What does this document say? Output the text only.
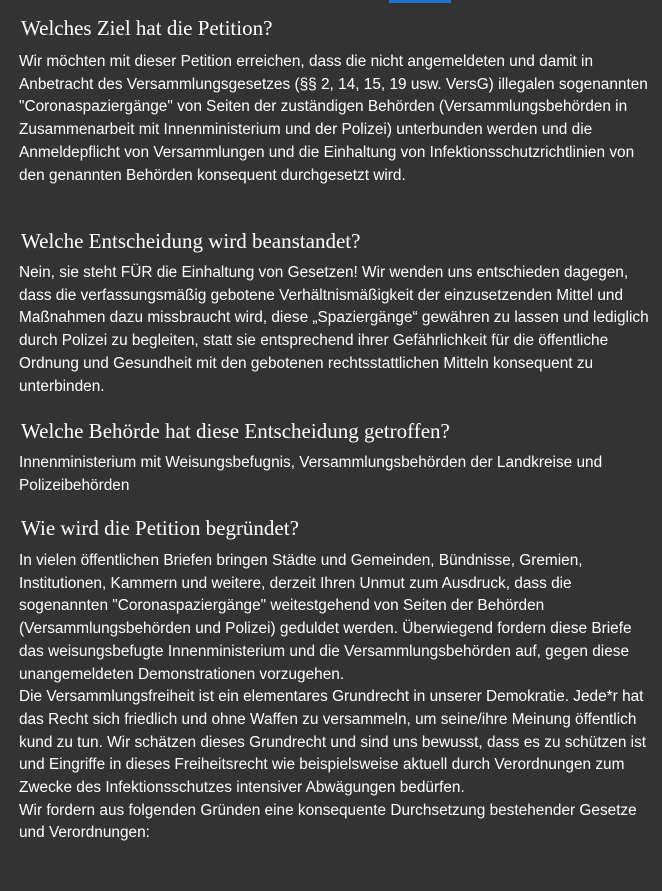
Welches Ziel hat die Petition?
Wir möchten mit dieser Petition erreichen, dass die nicht angemeldeten und damit in Anbetracht des Versammlungsgesetzes (§§ 2, 14, 15, 19 usw. VersG) illegalen sogenannten "Coronaspaziergänge" von Seiten der zuständigen Behörden (Versammlungsbehörden in Zusammenarbeit mit Innenministerium und der Polizei) unterbunden werden und die Anmeldepflicht von Versammlungen und die Einhaltung von Infektionsschutzrichtlinien von den genannten Behörden konsequent durchgesetzt wird.
Welche Entscheidung wird beanstandet?
Nein, sie steht FÜR die Einhaltung von Gesetzen! Wir wenden uns entschieden dagegen, dass die verfassungsmäßig gebotene Verhältnismäßigkeit der einzusetzenden Mittel und Maßnahmen dazu missbraucht wird, diese „Spaziergänge“ gewähren zu lassen und lediglich durch Polizei zu begleiten, statt sie entsprechend ihrer Gefährlichkeit für die öffentliche Ordnung und Gesundheit mit den gebotenen rechtsstattlichen Mitteln konsequent zu unterbinden.
Welche Behörde hat diese Entscheidung getroffen?
Innenministerium mit Weisungsbefugnis, Versammlungsbehörden der Landkreise und Polizeibehörden
Wie wird die Petition begründet?
In vielen öffentlichen Briefen bringen Städte und Gemeinden, Bündnisse, Gremien, Institutionen, Kammern und weitere, derzeit Ihren Unmut zum Ausdruck, dass die sogenannten "Coronaspaziergänge" weitestgehend von Seiten der Behörden (Versammlungsbehörden und Polizei) geduldet werden. Überwiegend fordern diese Briefe das weisungsbefugte Innenministerium und die Versammlungsbehörden auf, gegen diese unangemeldeten Demonstrationen vorzugehen.
Die Versammlungsfreiheit ist ein elementares Grundrecht in unserer Demokratie. Jede*r hat das Recht sich friedlich und ohne Waffen zu versammeln, um seine/ihre Meinung öffentlich kund zu tun. Wir schätzen dieses Grundrecht und sind uns bewusst, dass es zu schützen ist und Eingriffe in dieses Freiheitsrecht wie beispielsweise aktuell durch Verordnungen zum Zwecke des Infektionsschutzes intensiver Abwägungen bedürfen.
Wir fordern aus folgenden Gründen eine konsequente Durchsetzung bestehender Gesetze und Verordnungen:
